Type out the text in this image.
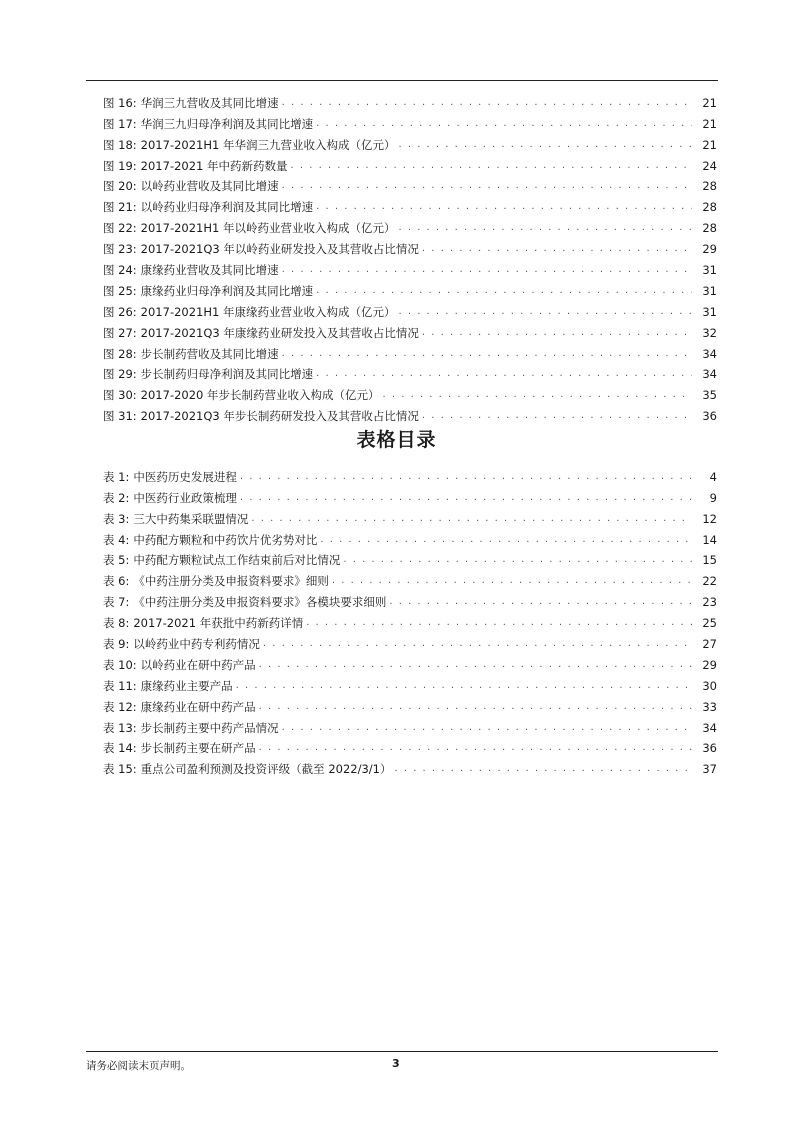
图 16: 华润三九营收及其同比增速 . . .	21
图 17: 华润三九归母净利润及其同比增速 . . .	21
图 18: 2017-2021H1 年华润三九营业收入构成（亿元） . . .	21
图 19: 2017-2021 年中药新药数量 . . .	24
图 20: 以岭药业营收及其同比增速 . . .	28
图 21: 以岭药业归母净利润及其同比增速 . . .	28
图 22: 2017-2021H1 年以岭药业营业收入构成（亿元） . . .	28
图 23: 2017-2021Q3 年以岭药业研发投入及其营收占比情况 . . .	29
图 24: 康缘药业营收及其同比增速 . . .	31
图 25: 康缘药业归母净利润及其同比增速 . . .	31
图 26: 2017-2021H1 年康缘药业营业收入构成（亿元） . . .	31
图 27: 2017-2021Q3 年康缘药业研发投入及其营收占比情况 . . .	32
图 28: 步长制药营收及其同比增速 . . .	34
图 29: 步长制药归母净利润及其同比增速 . . .	34
图 30: 2017-2020 年步长制药营业收入构成（亿元） . . .	35
图 31: 2017-2021Q3 年步长制药研发投入及其营收占比情况 . . .	36
表格目录
表 1: 中医药历史发展进程 . . .	4
表 2: 中医药行业政策梳理 . . .	9
表 3: 三大中药集采联盟情况 . . .	12
表 4: 中药配方颗粒和中药饮片优劣势对比 . . .	14
表 5: 中药配方颗粒试点工作结束前后对比情况 . . .	15
表 6: 《中药注册分类及申报资料要求》细则 . . .	22
表 7: 《中药注册分类及申报资料要求》各模块要求细则 . . .	23
表 8: 2017-2021 年获批中药新药详情 . . .	25
表 9: 以岭药业中药专利药情况 . . .	27
表 10: 以岭药业在研中药产品 . . .	29
表 11: 康缘药业主要产品 . . .	30
表 12: 康缘药业在研中药产品 . . .	33
表 13: 步长制药主要中药产品情况 . . .	34
表 14: 步长制药主要在研产品 . . .	36
表 15: 重点公司盈利预测及投资评级（截至 2022/3/1） . . .	37
请务必阅读末页声明。	3
